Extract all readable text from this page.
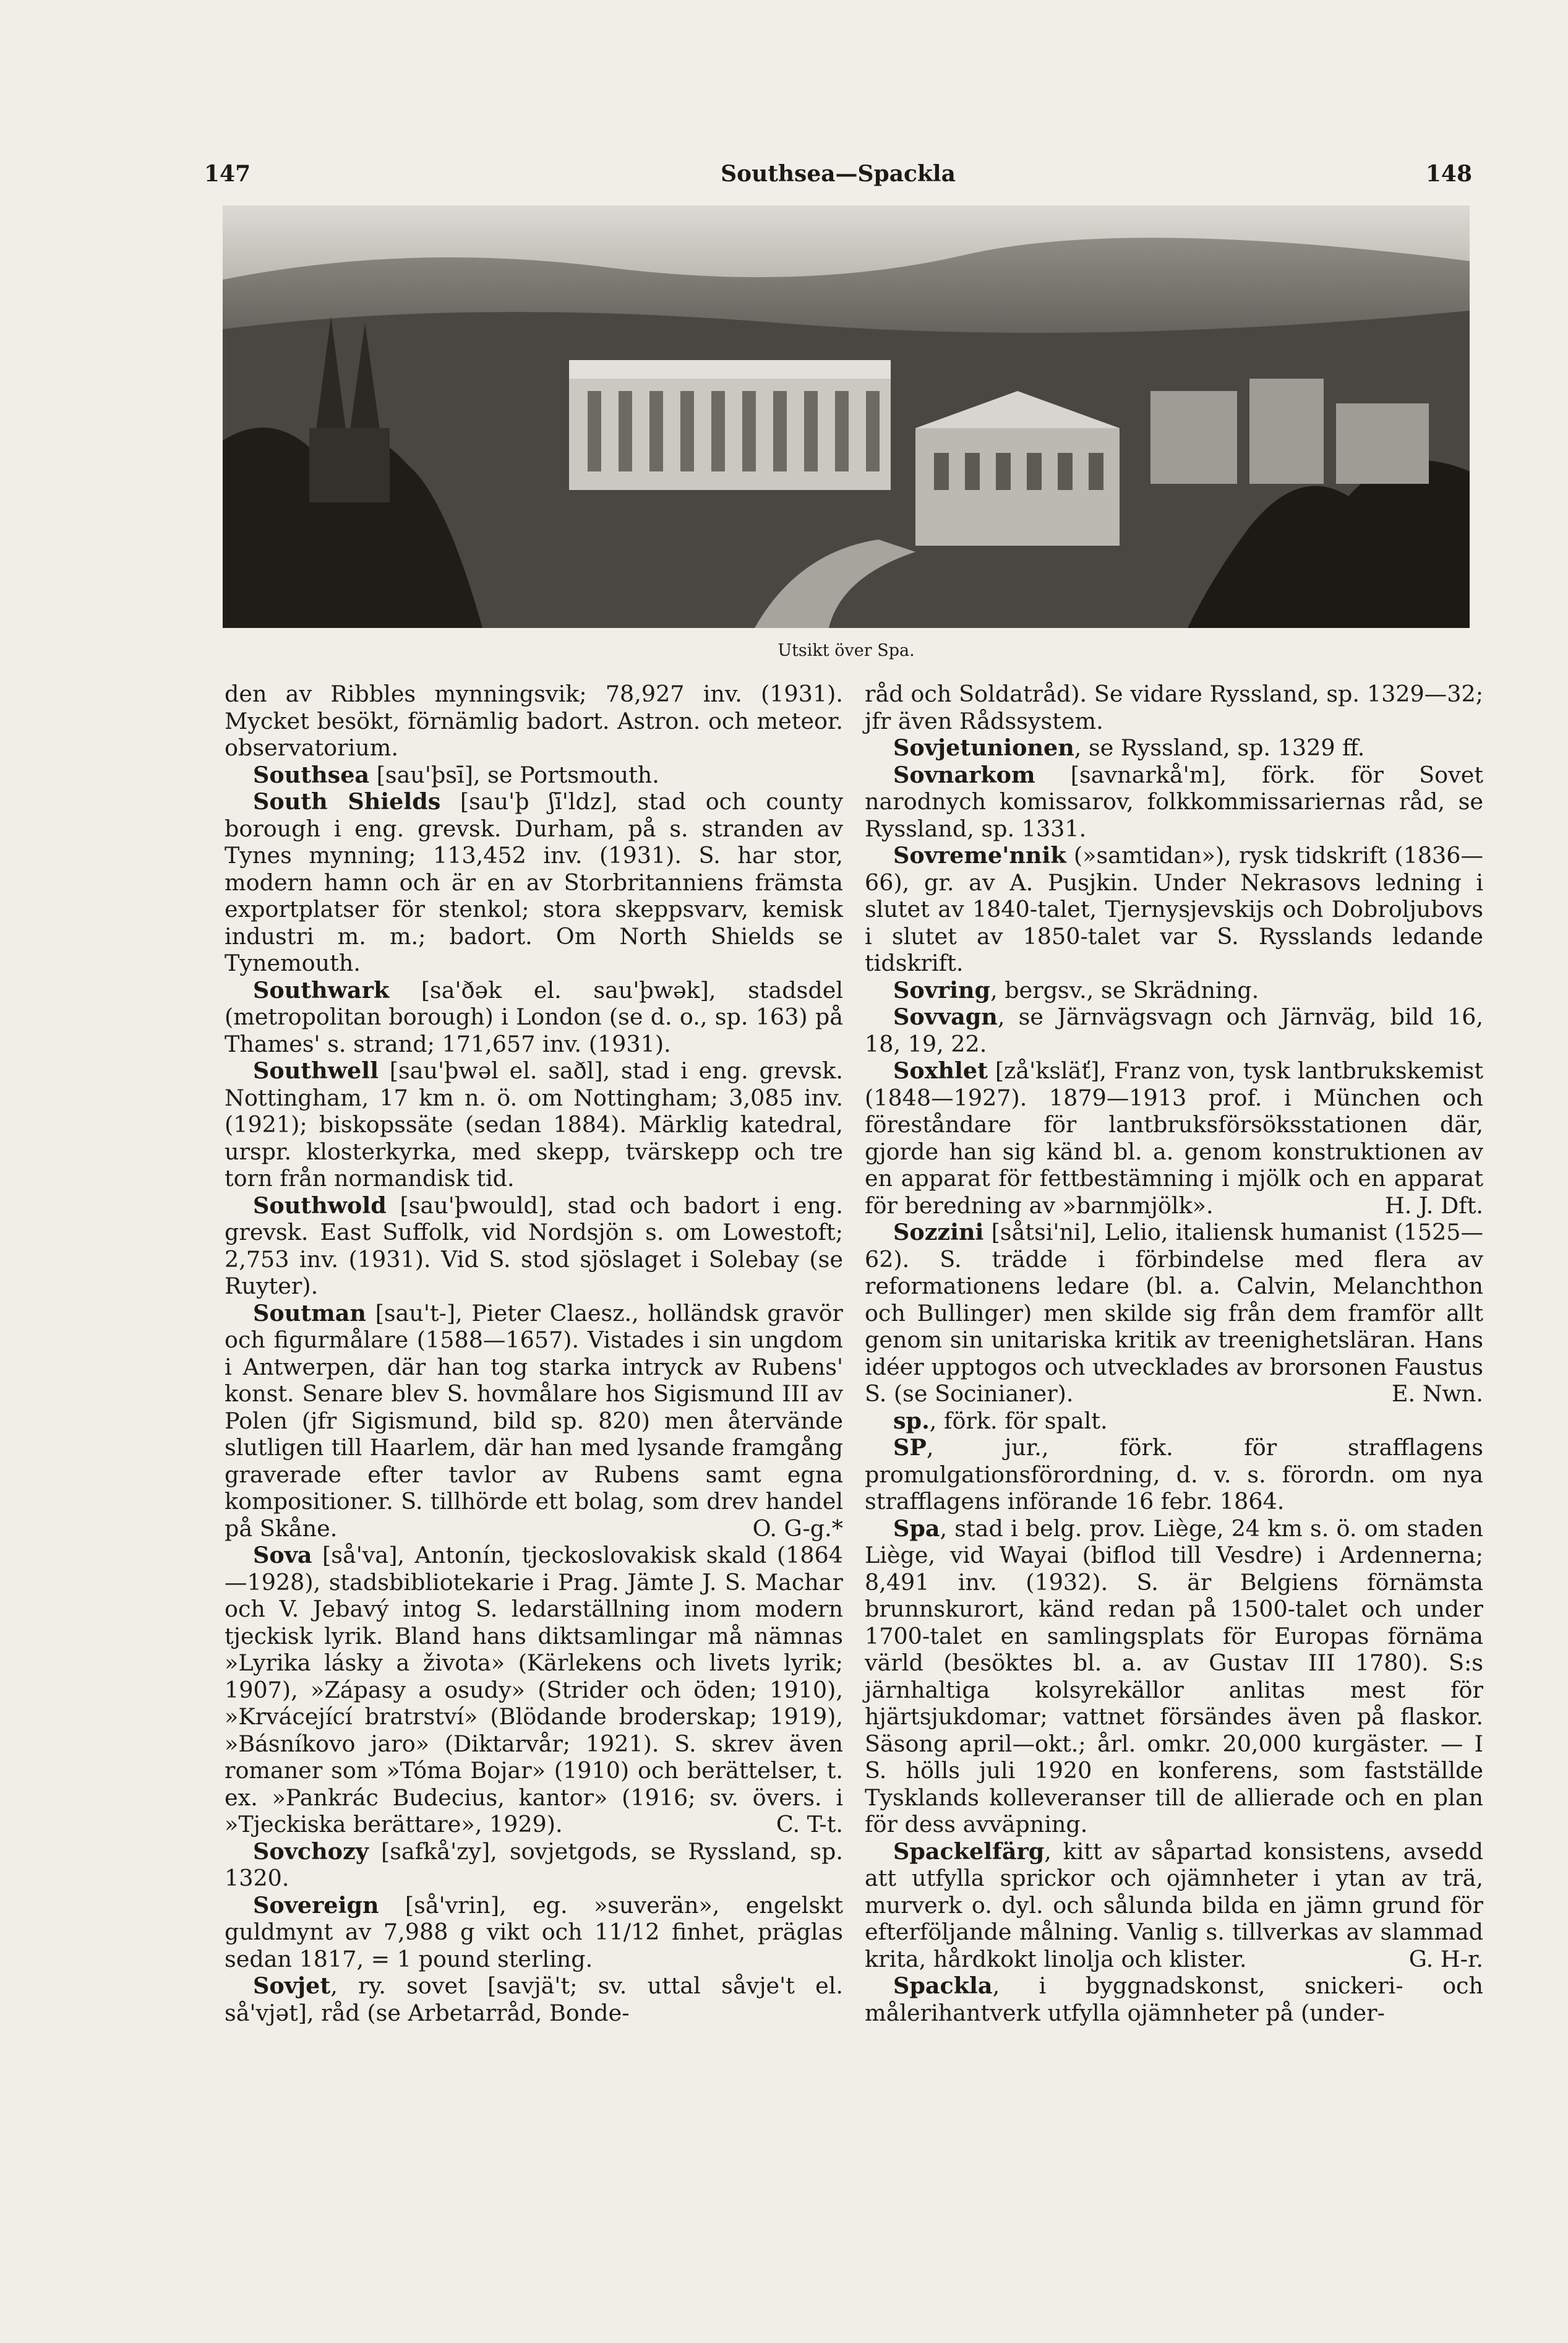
147	Southsea—Spackla	148
Utsikt över Spa.

den av Ribbles mynningsvik; 78,927 inv. (1931). Mycket besökt, förnämlig badort. Astron. och meteor. observatorium.

Southsea [sau'þsī], se Portsmouth.

South Shields [sau'þ ʃī'ldz], stad och county borough i eng. grevsk. Durham, på s. stranden av Tynes mynning; 113,452 inv. (1931). S. har stor, modern hamn och är en av Storbritanniens främsta exportplatser för stenkol; stora skeppsvarv, kemisk industri m. m.; badort. Om North Shields se Tynemouth.

Southwark [sa'ðək el. sau'þwək], stadsdel (metropolitan borough) i London (se d. o., sp. 163) på Thames' s. strand; 171,657 inv. (1931).

Southwell [sau'þwəl el. saðl], stad i eng. grevsk. Nottingham, 17 km n. ö. om Nottingham; 3,085 inv. (1921); biskopssäte (sedan 1884). Märklig katedral, urspr. klosterkyrka, med skepp, tvärskepp och tre torn från normandisk tid.

Southwold [sau'þwould], stad och badort i eng. grevsk. East Suffolk, vid Nordsjön s. om Lowestoft; 2,753 inv. (1931). Vid S. stod sjöslaget i Solebay (se Ruyter).

Soutman [sau't-], Pieter Claesz., holländsk gravör och figurmålare (1588—1657). Vistades i sin ungdom i Antwerpen, där han tog starka intryck av Rubens' konst. Senare blev S. hovmålare hos Sigismund III av Polen (jfr Sigismund, bild sp. 820) men återvände slutligen till Haarlem, där han med lysande framgång graverade efter tavlor av Rubens samt egna kompositioner. S. tillhörde ett bolag, som drev handel på Skåne.	O. G-g.*

Sova [så'va], Antonín, tjeckoslovakisk skald (1864—1928), stadsbibliotekarie i Prag. Jämte J. S. Machar och V. Jebavý intog S. ledarställning inom modern tjeckisk lyrik. Bland hans diktsamlingar må nämnas »Lyrika lásky a života» (Kärlekens och livets lyrik; 1907), »Zápasy a osudy» (Strider och öden; 1910), »Krvácející bratrství» (Blödande broderskap; 1919), »Básníkovo jaro» (Diktarvår; 1921). S. skrev även romaner som »Tóma Bojar» (1910) och berättelser, t. ex. »Pankrác Budecius, kantor» (1916; sv. övers. i »Tjeckiska berättare», 1929).	C. T-t.

Sovchozy [safkå'zy], sovjetgods, se Ryssland, sp. 1320.

Sovereign [så'vrin], eg. »suverän», engelskt guldmynt av 7,988 g vikt och 11/12 finhet, präglas sedan 1817, = 1 pound sterling.

Sovjet, ry. sovet [savjä't; sv. uttal såvje't el. så'vjət], råd (se Arbetarråd, Bonde-

råd och Soldatråd). Se vidare Ryssland, sp. 1329—32; jfr även Rådssystem.

Sovjetunionen, se Ryssland, sp. 1329 ff.

Sovnarkom [savnarkå'm], förk. för Sovet narodnych komissarov, folkkommissariernas råd, se Ryssland, sp. 1331.

Sovreme'nnik (»samtidan»), rysk tidskrift (1836—66), gr. av A. Pusjkin. Under Nekrasovs ledning i slutet av 1840-talet, Tjernysjevskijs och Dobroljubovs i slutet av 1850-talet var S. Rysslands ledande tidskrift.

Sovring, bergsv., se Skrädning.

Sovvagn, se Järnvägsvagn och Järnväg, bild 16, 18, 19, 22.

Soxhlet [zå'ksläť], Franz von, tysk lantbrukskemist (1848—1927). 1879—1913 prof. i München och föreståndare för lantbruksförsöksstationen där, gjorde han sig känd bl. a. genom konstruktionen av en apparat för fettbestämning i mjölk och en apparat för beredning av »barnmjölk».	H. J. Dft.

Sozzini [såtsi'ni], Lelio, italiensk humanist (1525—62). S. trädde i förbindelse med flera av reformationens ledare (bl. a. Calvin, Melanchthon och Bullinger) men skilde sig från dem framför allt genom sin unitariska kritik av treenighetsläran. Hans idéer upptogos och utvecklades av brorsonen Faustus S. (se Socinianer).	E. Nwn.

sp., förk. för spalt.

SP, jur., förk. för strafflagens promulgationsförordning, d. v. s. förordn. om nya strafflagens införande 16 febr. 1864.

Spa, stad i belg. prov. Liège, 24 km s. ö. om staden Liège, vid Wayai (biflod till Vesdre) i Ardennerna; 8,491 inv. (1932). S. är Belgiens förnämsta brunnskurort, känd redan på 1500-talet och under 1700-talet en samlingsplats för Europas förnäma värld (besöktes bl. a. av Gustav III 1780). S:s järnhaltiga kolsyrekällor anlitas mest för hjärtsjukdomar; vattnet försändes även på flaskor. Säsong april—okt.; årl. omkr. 20,000 kurgäster. — I S. hölls juli 1920 en konferens, som fastställde Tysklands kolleveranser till de allierade och en plan för dess avväpning.

Spackelfärg, kitt av såpartad konsistens, avsedd att utfylla sprickor och ojämnheter i ytan av trä, murverk o. dyl. och sålunda bilda en jämn grund för efterföljande målning. Vanlig s. tillverkas av slammad krita, hårdkokt linolja och klister.	G. H-r.

Spackla, i byggnadskonst, snickeri- och målerihantverk utfylla ojämnheter på (under-
